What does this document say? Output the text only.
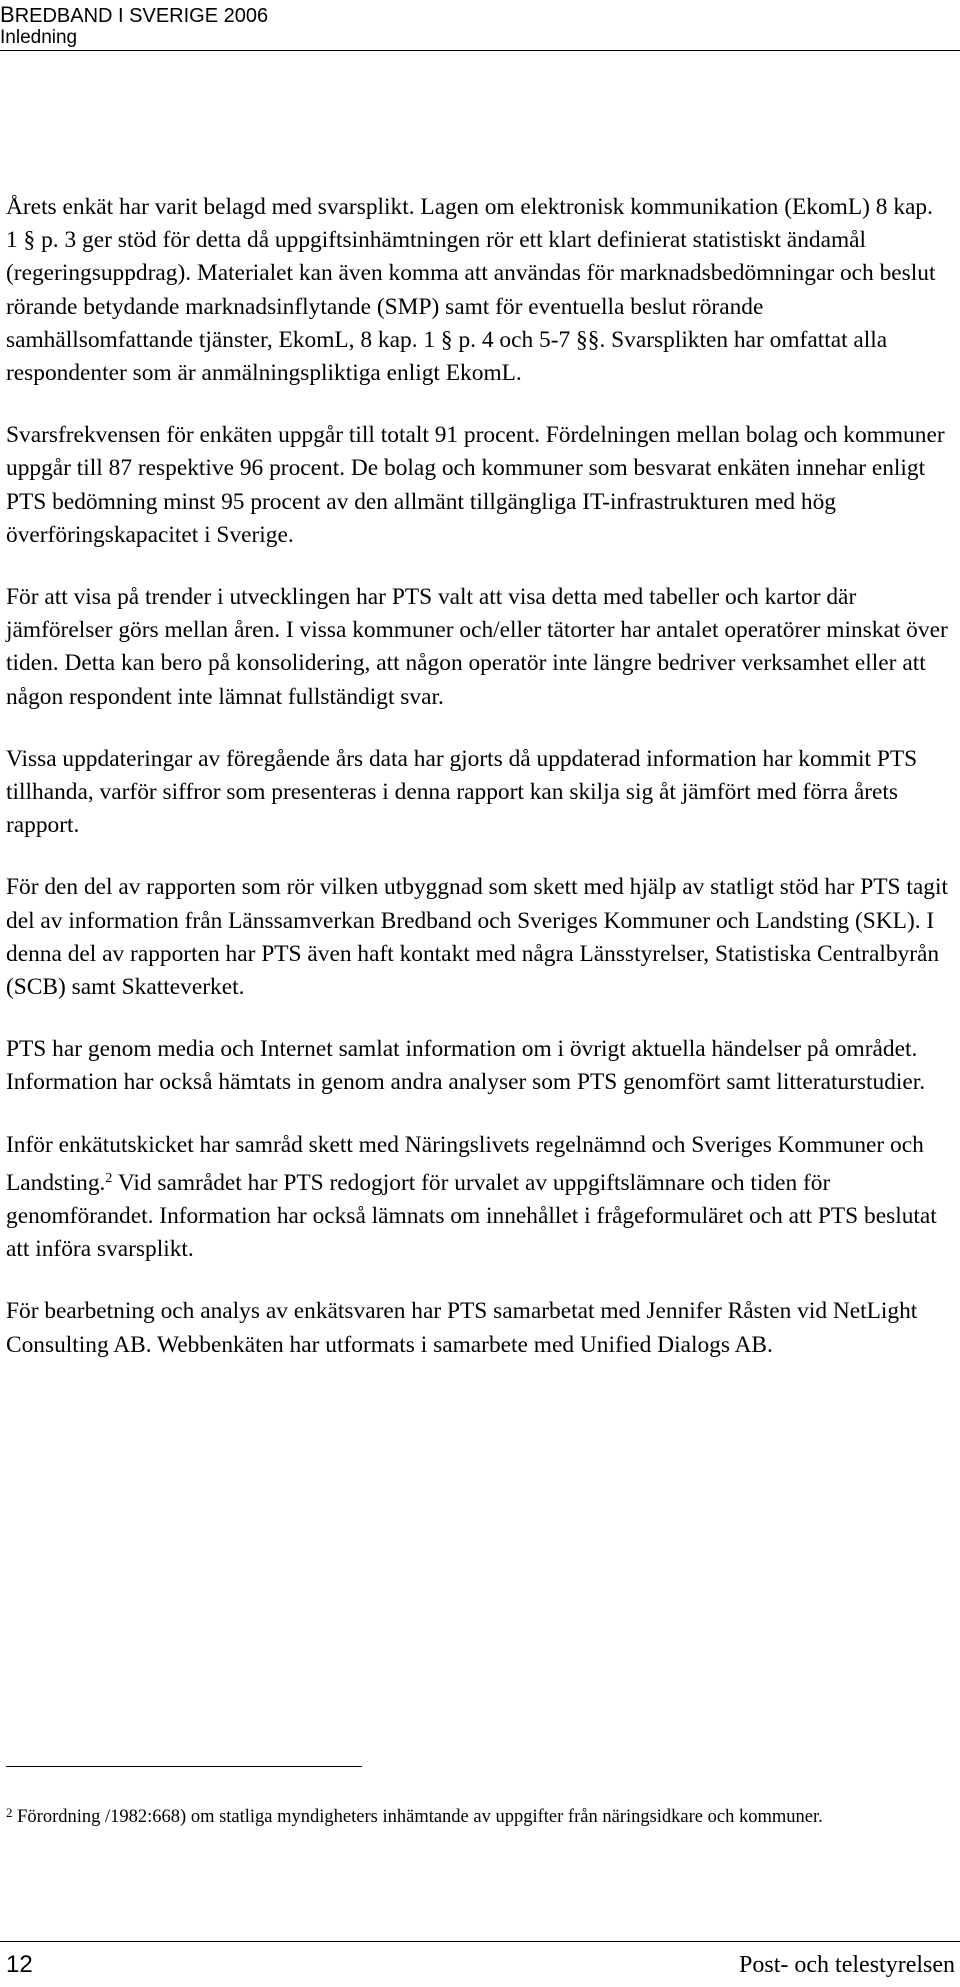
BREDBAND I SVERIGE 2006
Inledning

Årets enkät har varit belagd med svarsplikt. Lagen om elektronisk kommunikation (EkomL) 8 kap. 1 § p. 3 ger stöd för detta då uppgiftsinhämtningen rör ett klart definierat statistiskt ändamål (regeringsuppdrag). Materialet kan även komma att användas för marknadsbedömningar och beslut rörande betydande marknadsinflytande (SMP) samt för eventuella beslut rörande samhällsomfattande tjänster, EkomL, 8 kap. 1 § p. 4 och 5-7 §§. Svarsplikten har omfattat alla respondenter som är anmälningspliktiga enligt EkomL.

Svarsfrekvensen för enkäten uppgår till totalt 91 procent. Fördelningen mellan bolag och kommuner uppgår till 87 respektive 96 procent. De bolag och kommuner som besvarat enkäten innehar enligt PTS bedömning minst 95 procent av den allmänt tillgängliga IT-infrastrukturen med hög överföringskapacitet i Sverige.

För att visa på trender i utvecklingen har PTS valt att visa detta med tabeller och kartor där jämförelser görs mellan åren. I vissa kommuner och/eller tätorter har antalet operatörer minskat över tiden. Detta kan bero på konsolidering, att någon operatör inte längre bedriver verksamhet eller att någon respondent inte lämnat fullständigt svar.

Vissa uppdateringar av föregående års data har gjorts då uppdaterad information har kommit PTS tillhanda, varför siffror som presenteras i denna rapport kan skilja sig åt jämfört med förra årets rapport.

För den del av rapporten som rör vilken utbyggnad som skett med hjälp av statligt stöd har PTS tagit del av information från Länssamverkan Bredband och Sveriges Kommuner och Landsting (SKL). I denna del av rapporten har PTS även haft kontakt med några Länsstyrelser, Statistiska Centralbyrån (SCB) samt Skatteverket.

PTS har genom media och Internet samlat information om i övrigt aktuella händelser på området. Information har också hämtats in genom andra analyser som PTS genomfört samt litteraturstudier.

Inför enkätutskicket har samråd skett med Näringslivets regelnämnd och Sveriges Kommuner och Landsting.$^2$ Vid samrådet har PTS redogjort för urvalet av uppgiftslämnare och tiden för genomförandet. Information har också lämnats om innehållet i frågeformuläret och att PTS beslutat att införa svarsplikt.

För bearbetning och analys av enkätsvaren har PTS samarbetat med Jennifer Råsten vid NetLight Consulting AB. Webbenkäten har utformats i samarbete med Unified Dialogs AB.

$^2$ Förordning /1982:668) om statliga myndigheters inhämtande av uppgifter från näringsidkare och kommuner.
12	Post- och telestyrelsen
